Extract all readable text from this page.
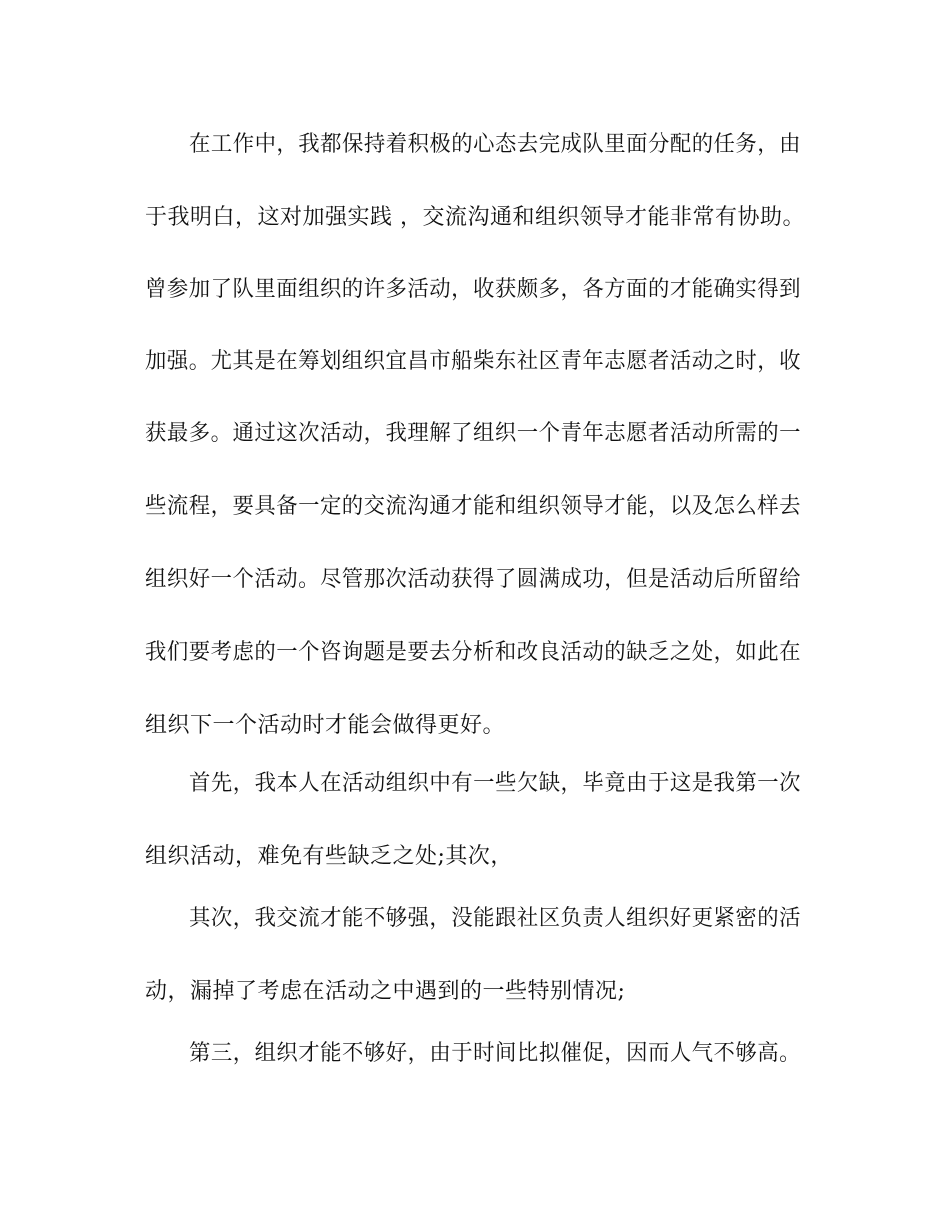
在工作中，我都保持着积极的心态去完成队里面分配的任务，由
于我明白，这对加强实践 ，交流沟通和组织领导才能非常有协助。
曾参加了队里面组织的许多活动，收获颇多，各方面的才能确实得到
加强。尤其是在筹划组织宜昌市船柴东社区青年志愿者活动之时，收
获最多。通过这次活动，我理解了组织一个青年志愿者活动所需的一
些流程，要具备一定的交流沟通才能和组织领导才能，以及怎么样去
组织好一个活动。尽管那次活动获得了圆满成功，但是活动后所留给
我们要考虑的一个咨询题是要去分析和改良活动的缺乏之处，如此在
组织下一个活动时才能会做得更好。
首先，我本人在活动组织中有一些欠缺，毕竟由于这是我第一次
组织活动，难免有些缺乏之处;其次，
其次，我交流才能不够强，没能跟社区负责人组织好更紧密的活
动，漏掉了考虑在活动之中遇到的一些特别情况;
第三，组织才能不够好，由于时间比拟催促，因而人气不够高。
